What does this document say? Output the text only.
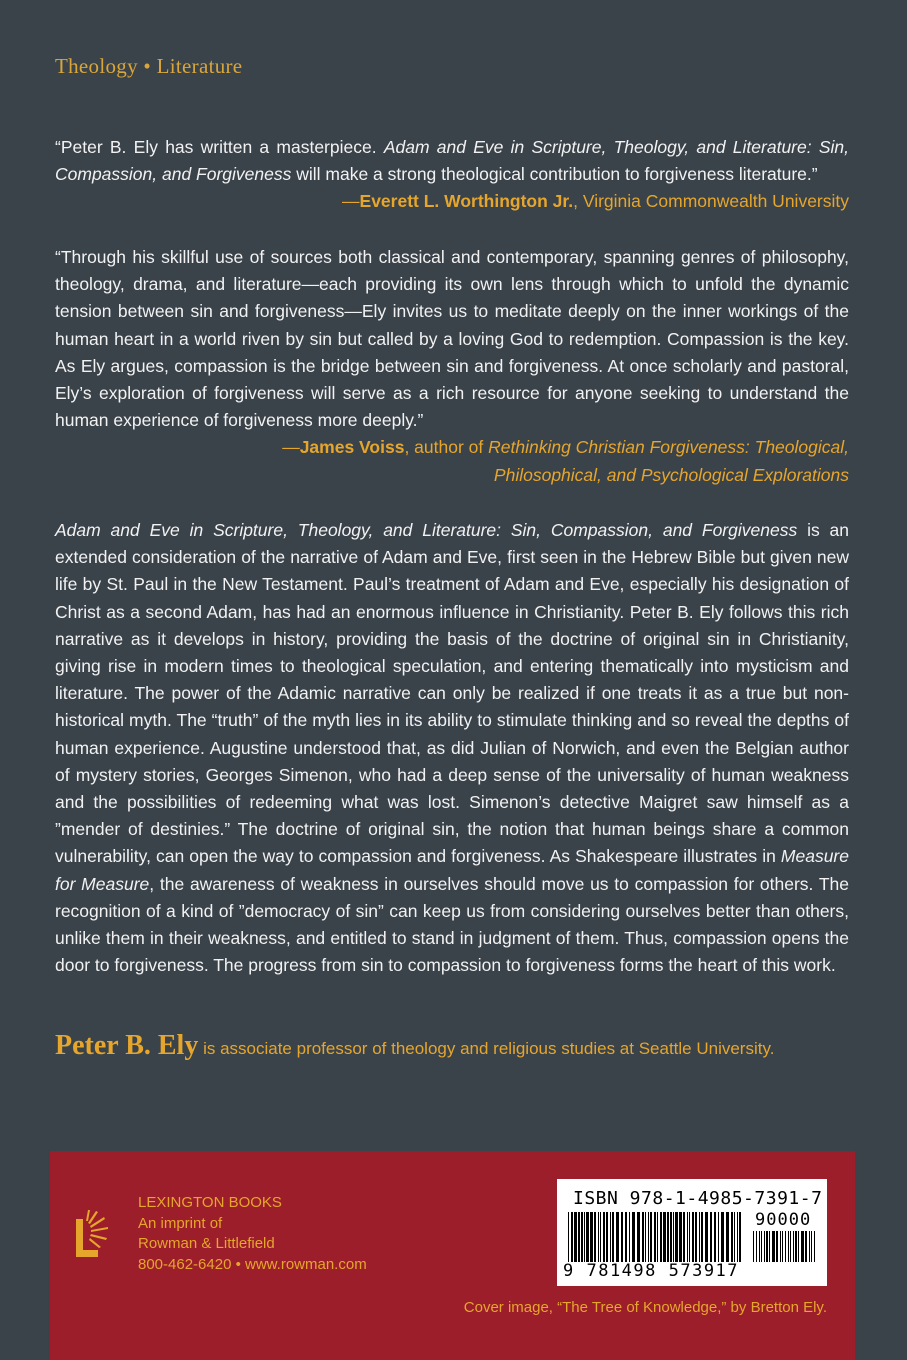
Theology • Literature
“Peter B. Ely has written a masterpiece. Adam and Eve in Scripture, Theology, and Literature: Sin, Compassion, and Forgiveness will make a strong theological contribution to forgiveness literature.”
—Everett L. Worthington Jr., Virginia Commonwealth University
“Through his skillful use of sources both classical and contemporary, spanning genres of philosophy, theology, drama, and literature—each providing its own lens through which to unfold the dynamic tension between sin and forgiveness—Ely invites us to meditate deeply on the inner workings of the human heart in a world riven by sin but called by a loving God to redemption. Compassion is the key. As Ely argues, compassion is the bridge between sin and forgiveness. At once scholarly and pastoral, Ely’s exploration of forgiveness will serve as a rich resource for anyone seeking to understand the human experience of forgiveness more deeply.”
—James Voiss, author of Rethinking Christian Forgiveness: Theological,
Philosophical, and Psychological Explorations
Adam and Eve in Scripture, Theology, and Literature: Sin, Compassion, and Forgiveness is an extended consideration of the narrative of Adam and Eve, first seen in the Hebrew Bible but given new life by St. Paul in the New Testament. Paul’s treatment of Adam and Eve, especially his designation of Christ as a second Adam, has had an enormous influence in Christianity. Peter B. Ely follows this rich narrative as it develops in history, providing the basis of the doctrine of original sin in Christianity, giving rise in modern times to theological speculation, and entering thematically into mysticism and literature. The power of the Adamic narrative can only be realized if one treats it as a true but non-historical myth. The “truth” of the myth lies in its ability to stimulate thinking and so reveal the depths of human experience. Augustine understood that, as did Julian of Norwich, and even the Belgian author of mystery stories, Georges Simenon, who had a deep sense of the universality of human weakness and the possibilities of redeeming what was lost. Simenon’s detective Maigret saw himself as a ”mender of destinies.” The doctrine of original sin, the notion that human beings share a common vulnerability, can open the way to compassion and forgiveness. As Shakespeare illustrates in Measure for Measure, the awareness of weakness in ourselves should move us to compassion for others. The recognition of a kind of ”democracy of sin” can keep us from considering ourselves better than others, unlike them in their weakness, and entitled to stand in judgment of them. Thus, compassion opens the door to forgiveness. The progress from sin to compassion to forgiveness forms the heart of this work.
Peter B. Ely is associate professor of theology and religious studies at Seattle University.
LEXINGTON BOOKS
An imprint of
Rowman & Littlefield
800-462-6420 • www.rowman.com
ISBN 978-1-4985-7391-7
90000
9 781498 573917
Cover image, “The Tree of Knowledge,” by Bretton Ely.
